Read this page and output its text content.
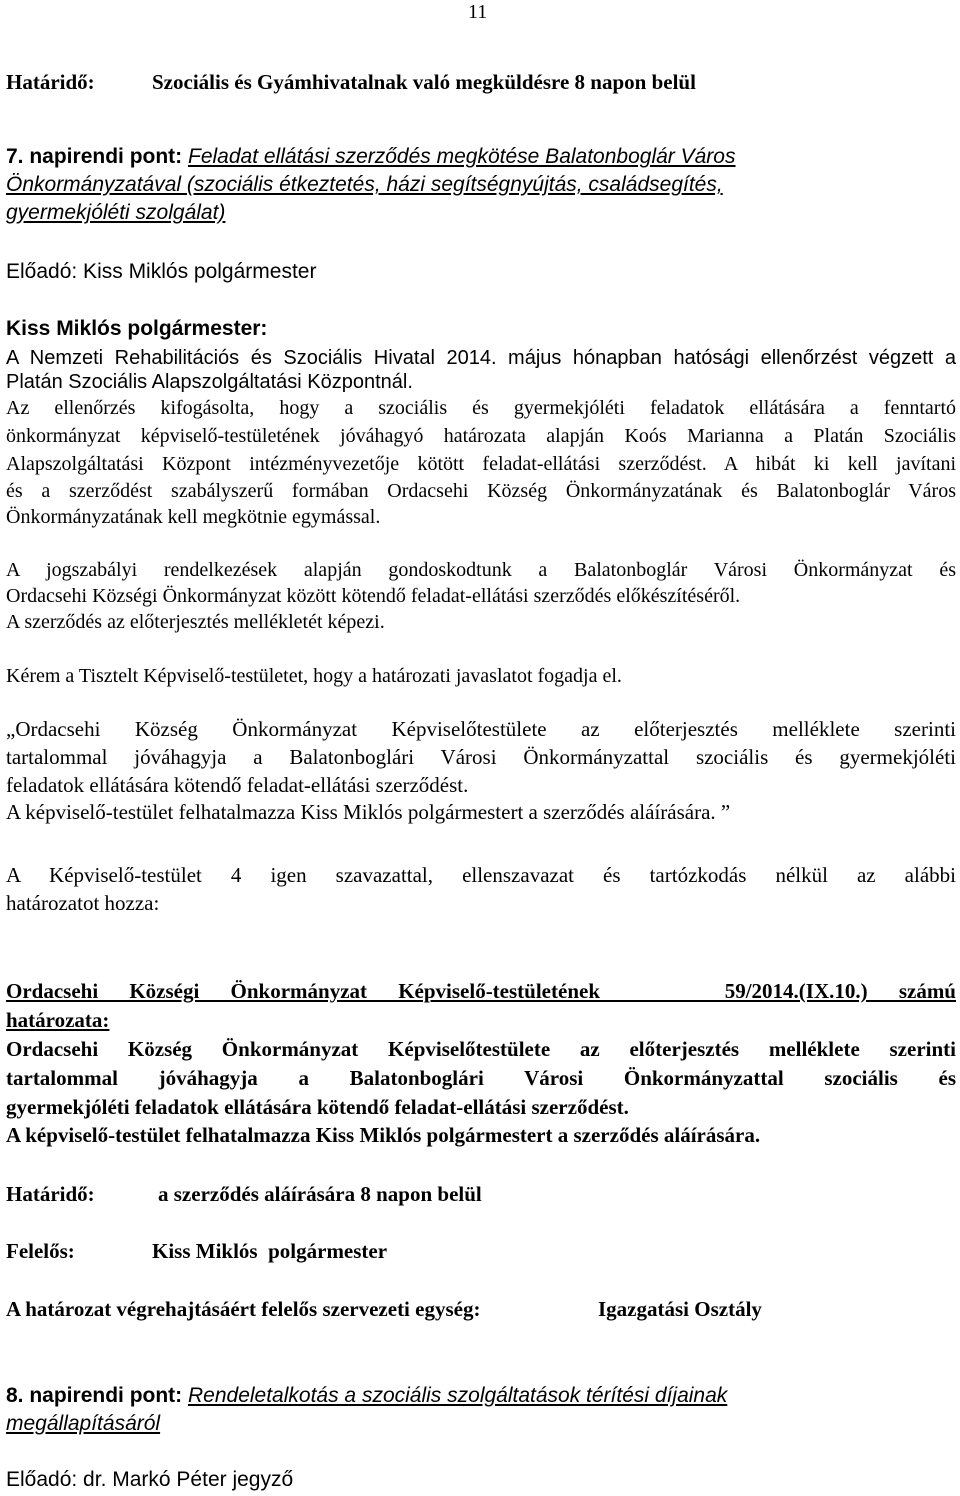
11
Határidő:	Szociális és Gyámhivatalnak való megküldésre 8 napon belül
7. napirendi pont: Feladat ellátási szerződés megkötése Balatonboglár Város
Önkormányzatával (szociális étkeztetés, házi segítségnyújtás, családsegítés,
gyermekjóléti szolgálat)
Előadó: Kiss Miklós polgármester
Kiss Miklós polgármester:
A Nemzeti Rehabilitációs és Szociális Hivatal 2014. május hónapban hatósági ellenőrzést végzett a
Platán Szociális Alapszolgáltatási Központnál.
Az ellenőrzés kifogásolta, hogy a szociális és gyermekjóléti feladatok ellátására a fenntartó
önkormányzat képviselő-testületének jóváhagyó határozata alapján Koós Marianna a Platán Szociális
Alapszolgáltatási Központ intézményvezetője kötött feladat-ellátási szerződést. A hibát ki kell javítani
és a szerződést szabályszerű formában Ordacsehi Község Önkormányzatának és Balatonboglár Város
Önkormányzatának kell megkötnie egymással.
A jogszabályi rendelkezések alapján gondoskodtunk a Balatonboglár Városi Önkormányzat és
Ordacsehi Községi Önkormányzat között kötendő feladat-ellátási szerződés előkészítéséről.
A szerződés az előterjesztés mellékletét képezi.
Kérem a Tisztelt Képviselő-testületet, hogy a határozati javaslatot fogadja el.
„Ordacsehi Község Önkormányzat Képviselőtestülete az előterjesztés melléklete szerinti
tartalommal jóváhagyja a Balatonboglári Városi Önkormányzattal szociális és gyermekjóléti
feladatok ellátására kötendő feladat-ellátási szerződést.
A képviselő-testület felhatalmazza Kiss Miklós polgármestert a szerződés aláírására. ”
A Képviselő-testület 4 igen szavazattal, ellenszavazat és tartózkodás nélkül az alábbi
határozatot hozza:
Ordacsehi Községi Önkormányzat Képviselő-testületének    59/2014.(IX.10.) számú
határozata:
Ordacsehi Község Önkormányzat Képviselőtestülete az előterjesztés melléklete szerinti
tartalommal jóváhagyja a Balatonboglári Városi Önkormányzattal szociális és
gyermekjóléti feladatok ellátására kötendő feladat-ellátási szerződést.
A képviselő-testület felhatalmazza Kiss Miklós polgármestert a szerződés aláírására.
Határidő:	a szerződés aláírására 8 napon belül
Felelős:	Kiss Miklós  polgármester
A határozat végrehajtásáért felelős szervezeti egység:	Igazgatási Osztály
8. napirendi pont: Rendeletalkotás a szociális szolgáltatások térítési díjainak
megállapításáról
Előadó: dr. Markó Péter jegyző
